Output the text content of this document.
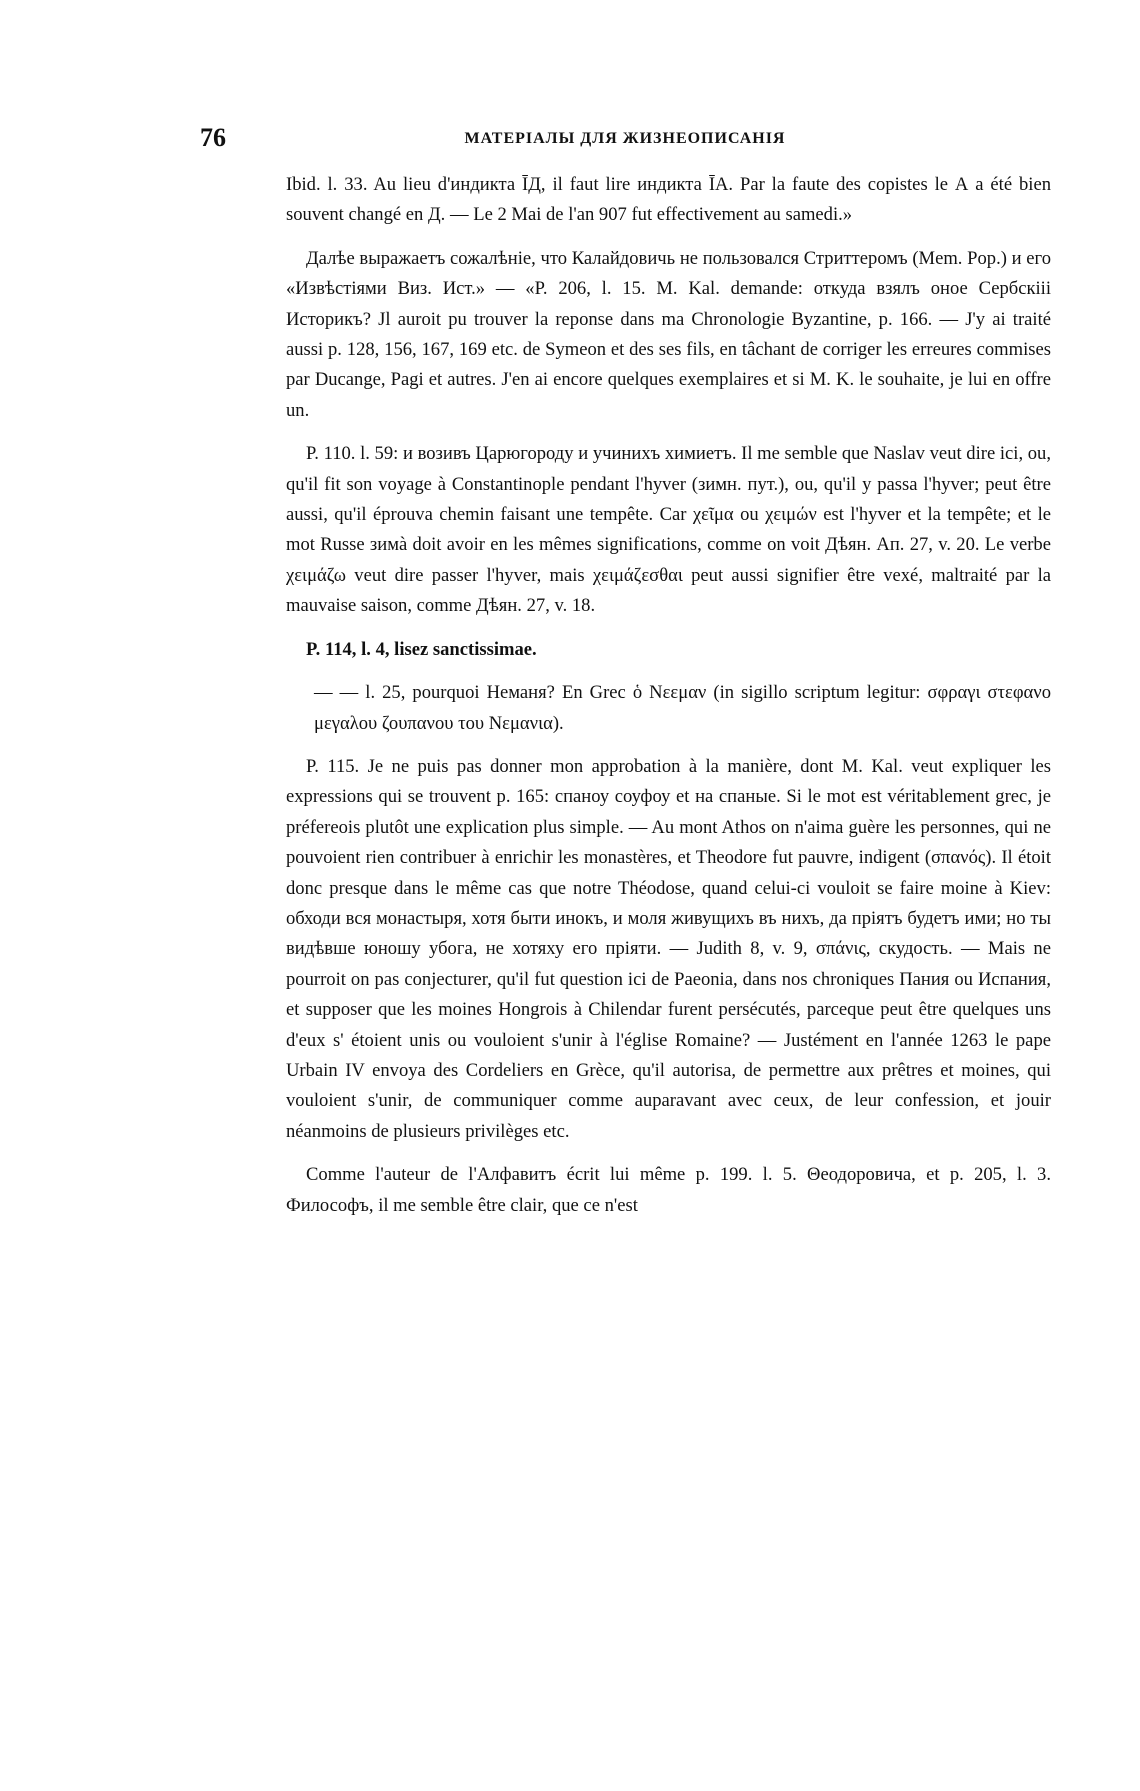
76	МАТЕРІАЛЫ ДЛЯ ЖИЗНЕОПИСАНІЯ

Ibid. l. 33. Au lieu d'индикта ĪД, il faut lire индикта ĪА. Par la faute des copistes le А a été bien souvent changé en Д. — Le 2 Mai de l'an 907 fut effectivement au samedi.»

Далѣе выражаетъ сожалѣніе, что Калайдовичь не пользовался Стриттеромъ (Mem. Pop.) и его «Извѣстіями Виз. Ист.» — «P. 206, l. 15. M. Kal. demande: откуда взялъ оное Сербскiii Историкъ? Jl auroit pu trouver la reponse dans ma Chronologie Byzantine, p. 166. — J'y ai traité aussi p. 128, 156, 167, 169 etc. de Symeon et des ses fils, en tâchant de corriger les erreures commises par Ducange, Pagi et autres. J'en ai encore quelques exemplaires et si M. K. le souhaite, je lui en offre un.

P. 110. l. 59: и возивъ Царюгороду и учиниxъ химиетъ. Il me semble que Naslav veut dire ici, ou, qu'il fit son voyage à Constantinople pendant l'hyver (зимн. пут.), ou, qu'il y passa l'hyver; peut être aussi, qu'il éprouva chemin faisant une tempête. Car χεῖμα ou χειμών est l'hyver et la tempête; et le mot Russe зимà doit avoir en les mêmes significations, comme on voit Дѣян. Ап. 27, v. 20. Le verbe χειμάζω veut dire passer l'hyver, mais χειμάζεσθαι peut aussi signifier être vexé, maltraité par la mauvaise saison, comme Дѣян. 27, v. 18.

P. 114, l. 4, lisez sanctissimae.

— — l. 25, pourquoi Неманя? En Grec ὁ Νεεμαν (in sigillo scriptum legitur: σφραγι στεφανο μεγαλου ζουπανου του Νεμανια).

P. 115. Je ne puis pas donner mon approbation à la manière, dont M. Kal. veut expliquer les expressions qui se trouvent p. 165: спаноу соуфоу et на спаные. Si le mot est véritablement grec, je préfereois plutôt une explication plus simple. — Au mont Athos on n'aima guère les personnes, qui ne pouvoient rien contribuer à enrichir les monastères, et Theodore fut pauvre, indigent (σπανός). Il étoit donc presque dans le même cas que notre Théodose, quand celui-ci vouloit se faire moine à Kiev: обходи вся монастыря, хотя быти инокъ, и моля живущихъ въ нихъ, да прiятъ будетъ ими; но ты видѣвше юношу убога, не хотяху его прiяти. — Judith 8, v. 9, σπάνις, скудость. — Mais ne pourroit on pas conjecturer, qu'il fut question ici de Paeonia, dans nos chroniques Пания ou Испания, et supposer que les moines Hongrois à Chilendar furent persécutés, parceque peut être quelques uns d'eux s' étoient unis ou vouloient s'unir à l'église Romaine? — Justément en l'année 1263 le pape Urbain IV envoya des Cordeliers en Grèce, qu'il autorisa, de permettre aux prêtres et moines, qui vouloient s'unir, de communiquer comme auparavant avec ceux, de leur confession, et jouir néanmoins de plusieurs privilèges etc.

Comme l'auteur de l'Алфавитъ écrit lui même p. 199. l. 5. Θеодоровича, et p. 205, l. 3. Философъ, il me semble être clair, que ce n'est
